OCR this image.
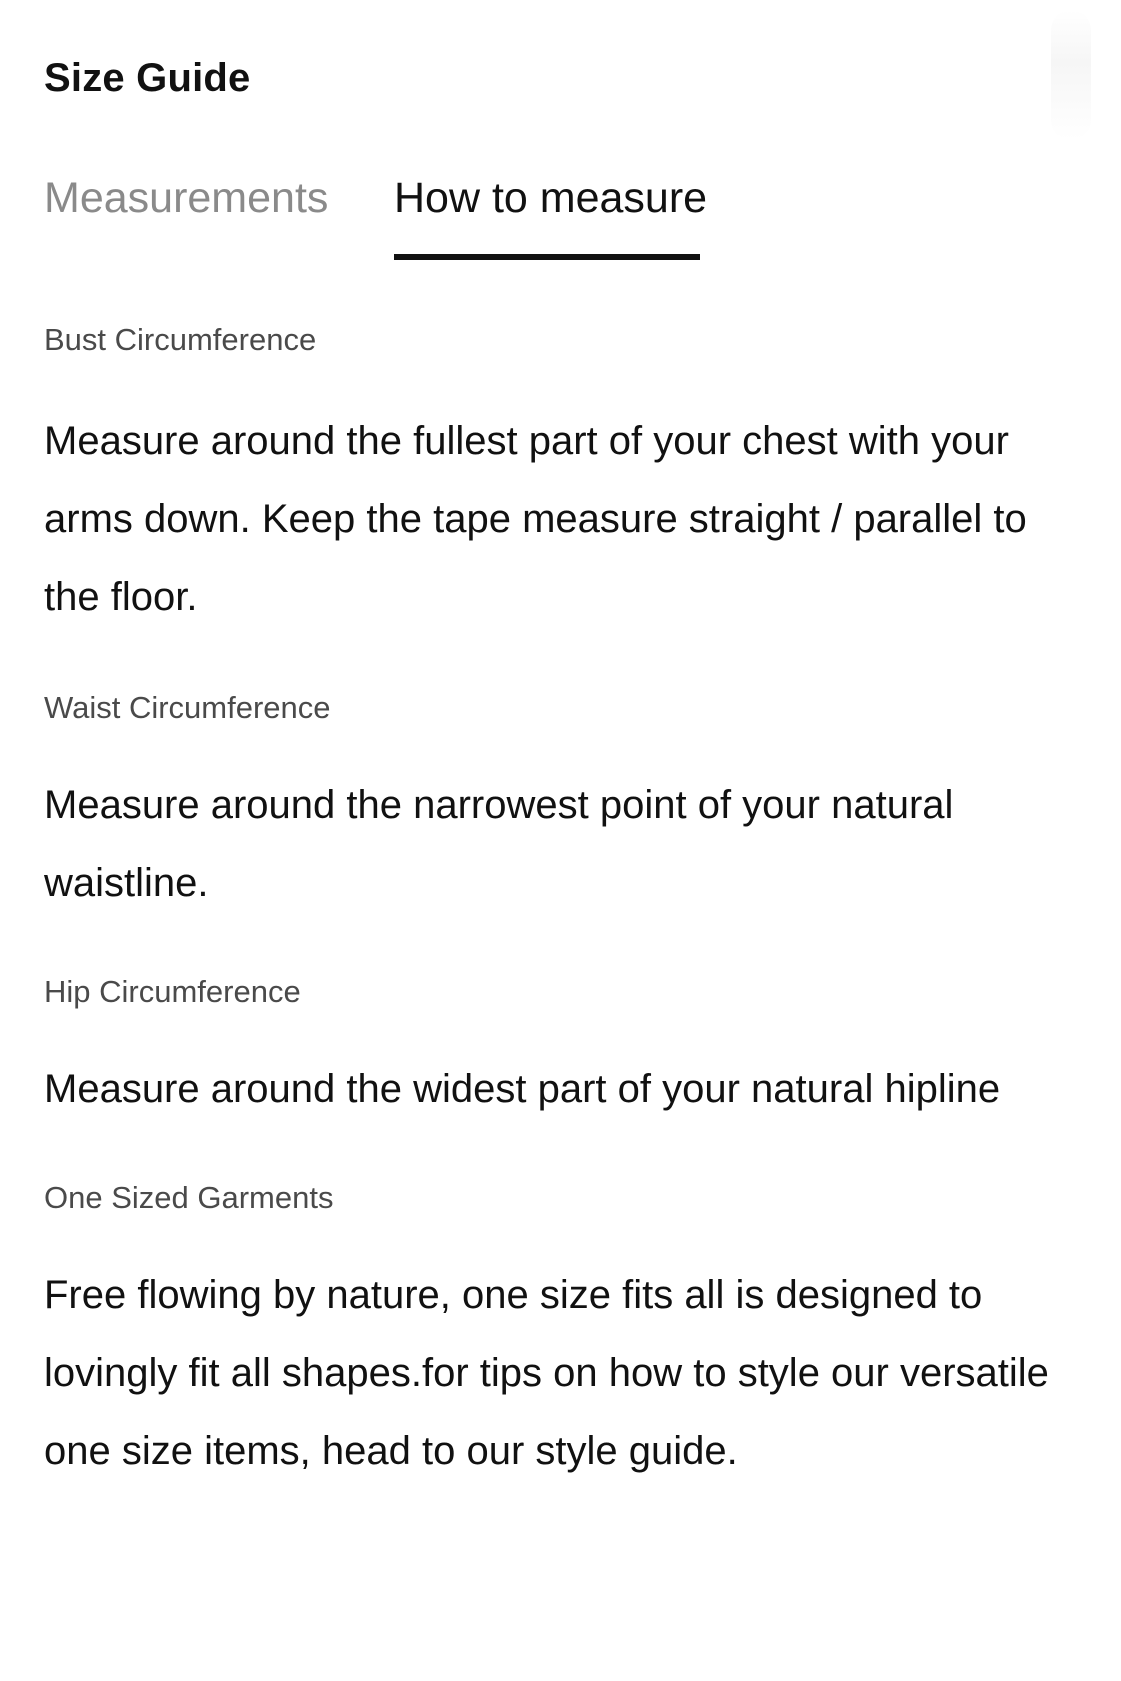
Size Guide
Measurements How to measure

Bust Circumference

Measure around the fullest part of your chest with your arms down. Keep the tape measure straight / parallel to the floor.

Waist Circumference

Measure around the narrowest point of your natural waistline.

Hip Circumference

Measure around the widest part of your natural hipline

One Sized Garments

Free flowing by nature, one size fits all is designed to lovingly fit all shapes.for tips on how to style our versatile one size items, head to our style guide.
